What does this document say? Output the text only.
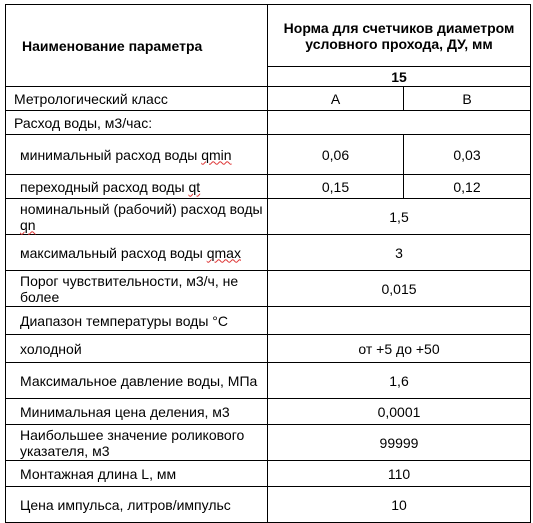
Наименование параметра	Норма для счетчиков диаметром условного прохода, ДУ, мм	
	15	
Метрологический класс	А	В
Расход воды, м3/час:		
минимальный расход воды qmin	0,06	0,03
переходный расход воды qt	0,15	0,12
номинальный (рабочий) расход воды qn	1,5	
максимальный расход воды qmax	3	
Порог чувствительности, м3/ч, не более	0,015	
Диапазон температуры воды °С		
холодной	от +5 до +50	
Максимальное давление воды, МПа	1,6	
Минимальная цена деления, м3	0,0001	
Наибольшее значение роликового указателя, м3	99999	
Монтажная длина L, мм	110	
Цена импульса, литров/импульс	10	
